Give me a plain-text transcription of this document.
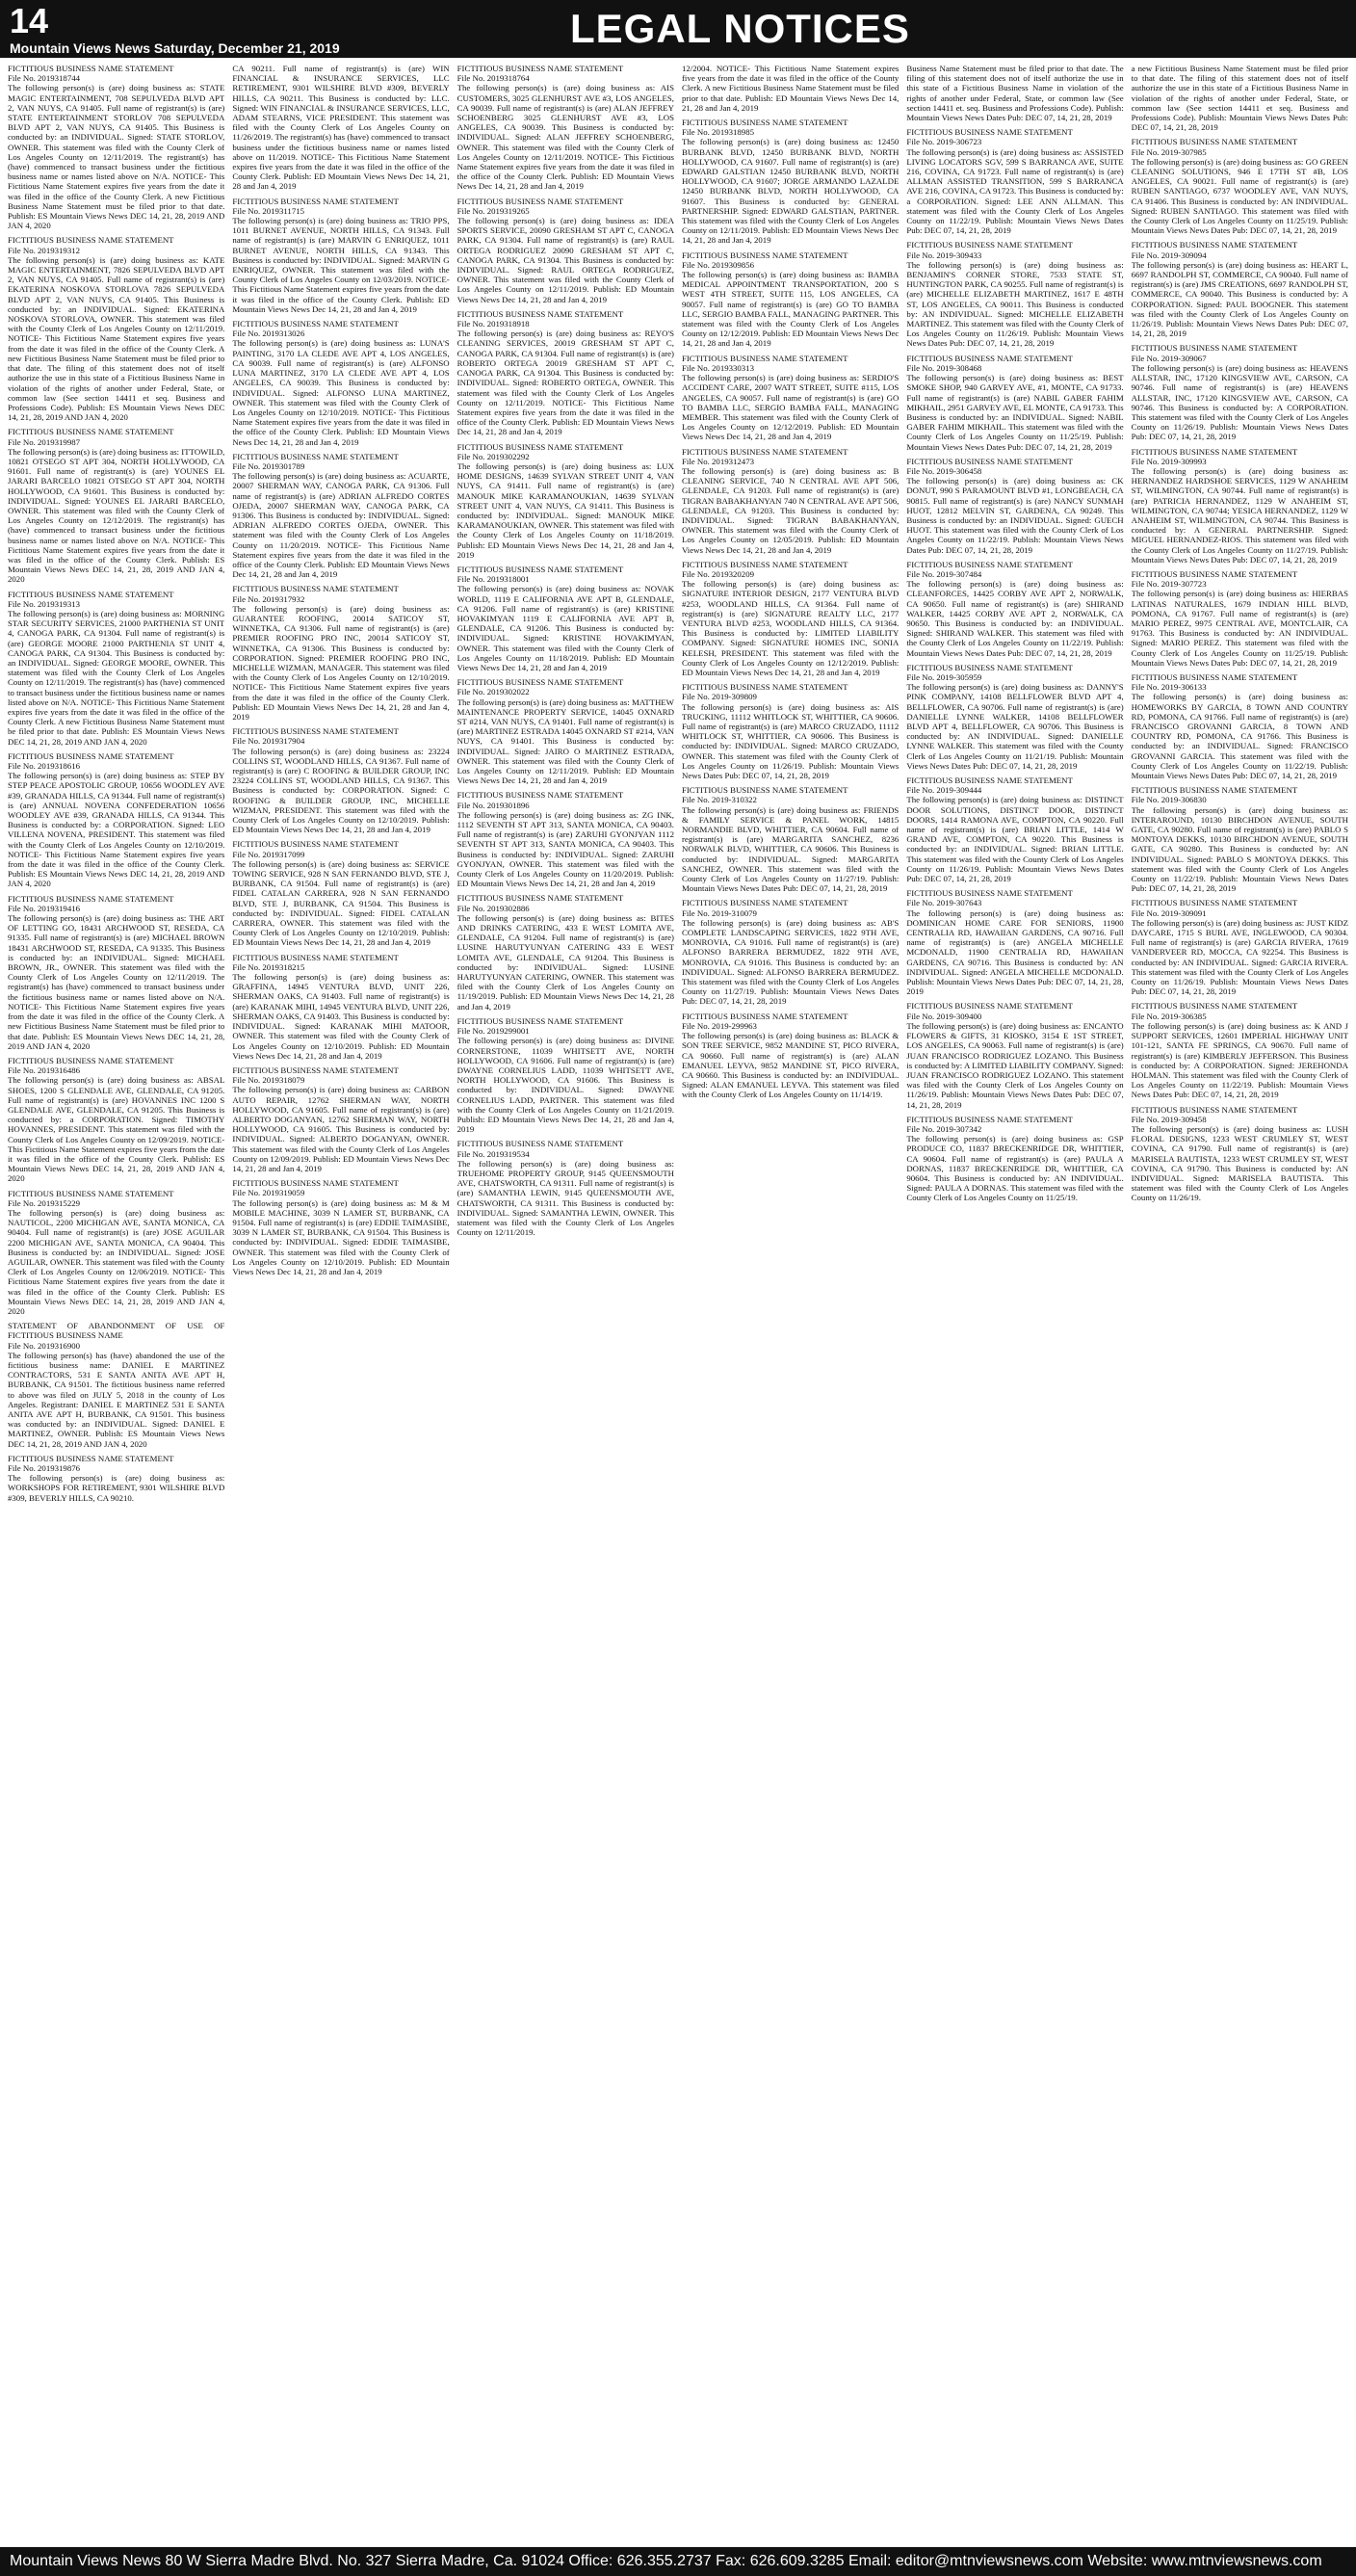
14	LEGAL NOTICES
Mountain Views News Saturday, December 21, 2019
FICTITIOUS BUSINESS NAME STATEMENT
File No. 2019318744

The following person(s) is (are) doing business as: STATE MAGIC ENTERTAINMENT, 708 SEPULVEDA BLVD APT 2, VAN NUYS, CA 91405. Full name of registrant(s) is (are) STATE ENTERTAINMENT STORLOV 708 SEPULVEDA BLVD APT 2, VAN NUYS, CA 91405. This Business is conducted by: an INDIVIDUAL. Signed: STATE STORLOV, OWNER. This statement was filed with the County Clerk of Los Angeles County on 12/11/2019. The registrant(s) has (have) commenced to transact business under the fictitious business name or names listed above on N/A. NOTICE- This Fictitious Name Statement expires five years from the date it was filed in the office of the County Clerk. A new Fictitious Business Name Statement must be filed prior to that date. Publish: ES Mountain Views News DEC 14, 21, 28, 2019 AND JAN 4, 2020

FICTITIOUS BUSINESS NAME STATEMENT
File No. 2019319312

The following person(s) is (are) doing business as: KATE MAGIC ENTERTAINMENT, 7826 SEPULVEDA BLVD APT 2, VAN NUYS, CA 91405. Full name of registrant(s) is (are) EKATERINA NOSKOVA STORLOVA 7826 SEPULVEDA BLVD APT 2, VAN NUYS, CA 91405. This Business is conducted by: an INDIVIDUAL. Signed: EKATERINA NOSKOVA STORLOVA, OWNER. This statement was filed with the County Clerk of Los Angeles County on 12/11/2019. NOTICE- This Fictitious Name Statement expires five years from the date it was filed in the office of the County Clerk. A new Fictitious Business Name Statement must be filed prior to that date. The filing of this statement does not of itself authorize the use in this state of a Fictitious Business Name in violation of the rights of another under Federal, State, or common law (See section 14411 et seq. Business and Professions Code). Publish: ES Mountain Views News DEC 14, 21, 28, 2019 AND JAN 4, 2020

FICTITIOUS BUSINESS NAME STATEMENT
File No. 2019319987

The following person(s) is (are) doing business as: ITTOWILD, 10821 OTSEGO ST APT 304, NORTH HOLLYWOOD, CA 91601. Full name of registrant(s) is (are) YOUNES EL JARARI BARCELO 10821 OTSEGO ST APT 304, NORTH HOLLYWOOD, CA 91601. This Business is conducted by: INDIVIDUAL. Signed: YOUNES EL JARARI BARCELO, OWNER. This statement was filed with the County Clerk of Los Angeles County on 12/12/2019. The registrant(s) has (have) commenced to transact business under the fictitious business name or names listed above on N/A. NOTICE- This Fictitious Name Statement expires five years from the date it was filed in the office of the County Clerk. Publish: ES Mountain Views News DEC 14, 21, 28, 2019 AND JAN 4, 2020

FICTITIOUS BUSINESS NAME STATEMENT
File No. 2019319313

The following person(s) is (are) doing business as: MORNING STAR SECURITY SERVICES, 21000 PARTHENIA ST UNIT 4, CANOGA PARK, CA 91304. Full name of registrant(s) is (are) GEORGE MOORE 21000 PARTHENIA ST UNIT 4, CANOGA PARK, CA 91304. This Business is conducted by: an INDIVIDUAL. Signed: GEORGE MOORE, OWNER. This statement was filed with the County Clerk of Los Angeles County on 12/11/2019. The registrant(s) has (have) commenced to transact business under the fictitious business name or names listed above on N/A. NOTICE- This Fictitious Name Statement expires five years from the date it was filed in the office of the County Clerk. A new Fictitious Business Name Statement must be filed prior to that date. Publish: ES Mountain Views News DEC 14, 21, 28, 2019 AND JAN 4, 2020

FICTITIOUS BUSINESS NAME STATEMENT
File No. 2019318616

The following person(s) is (are) doing business as: STEP BY STEP PEACE APOSTOLIC GROUP, 10656 WOODLEY AVE #39, GRANADA HILLS, CA 91344. Full name of registrant(s) is (are) ANNUAL NOVENA CONFEDERATION 10656 WOODLEY AVE #39, GRANADA HILLS, CA 91344. This Business is conducted by: a CORPORATION. Signed: LEO VILLENA NOVENA, PRESIDENT. This statement was filed with the County Clerk of Los Angeles County on 12/10/2019. NOTICE- This Fictitious Name Statement expires five years from the date it was filed in the office of the County Clerk. Publish: ES Mountain Views News DEC 14, 21, 28, 2019 AND JAN 4, 2020

FICTITIOUS BUSINESS NAME STATEMENT
File No. 2019319416

The following person(s) is (are) doing business as: THE ART OF LETTING GO, 18431 ARCHWOOD ST, RESEDA, CA 91335. Full name of registrant(s) is (are) MICHAEL BROWN 18431 ARCHWOOD ST, RESEDA, CA 91335. This Business is conducted by: an INDIVIDUAL. Signed: MICHAEL BROWN, JR., OWNER. This statement was filed with the County Clerk of Los Angeles County on 12/11/2019. The registrant(s) has (have) commenced to transact business under the fictitious business name or names listed above on N/A. NOTICE- This Fictitious Name Statement expires five years from the date it was filed in the office of the County Clerk. A new Fictitious Business Name Statement must be filed prior to that date. Publish: ES Mountain Views News DEC 14, 21, 28, 2019 AND JAN 4, 2020

FICTITIOUS BUSINESS NAME STATEMENT
File No. 2019316486

The following person(s) is (are) doing business as: ABSAL SHOES, 1200 S GLENDALE AVE, GLENDALE, CA 91205. Full name of registrant(s) is (are) HOVANNES INC 1200 S GLENDALE AVE, GLENDALE, CA 91205. This Business is conducted by: a CORPORATION. Signed: TIMOTHY HOVANNES, PRESIDENT. This statement was filed with the County Clerk of Los Angeles County on 12/09/2019. NOTICE- This Fictitious Name Statement expires five years from the date it was filed in the office of the County Clerk. Publish: ES Mountain Views News DEC 14, 21, 28, 2019 AND JAN 4, 2020

FICTITIOUS BUSINESS NAME STATEMENT
File No. 2019315229

The following person(s) is (are) doing business as: NAUTICOL, 2200 MICHIGAN AVE, SANTA MONICA, CA 90404. Full name of registrant(s) is (are) JOSE AGUILAR 2200 MICHIGAN AVE, SANTA MONICA, CA 90404. This Business is conducted by: an INDIVIDUAL. Signed: JOSE AGUILAR, OWNER. This statement was filed with the County Clerk of Los Angeles County on 12/06/2019. NOTICE- This Fictitious Name Statement expires five years from the date it was filed in the office of the County Clerk. Publish: ES Mountain Views News DEC 14, 21, 28, 2019 AND JAN 4, 2020

STATEMENT OF ABANDONMENT OF USE OF FICTITIOUS BUSINESS NAME
File No. 2019316900

The following person(s) has (have) abandoned the use of the fictitious business name: DANIEL E MARTINEZ CONTRACTORS, 531 E SANTA ANITA AVE APT H, BURBANK, CA 91501. The fictitious business name referred to above was filed on JULY 5, 2018 in the county of Los Angeles. Registrant: DANIEL E MARTINEZ 531 E SANTA ANITA AVE APT H, BURBANK, CA 91501. This business was conducted by: an INDIVIDUAL. Signed: DANIEL E MARTINEZ, OWNER. Publish: ES Mountain Views News DEC 14, 21, 28, 2019 AND JAN 4, 2020

FICTITIOUS BUSINESS NAME STATEMENT
File No. 2019319876

The following person(s) is (are) doing business as: WORKSHOPS FOR RETIREMENT, 9301 WILSHIRE BLVD #309, BEVERLY HILLS, CA 90210.

CA 90211. Full name of registrant(s) is (are) WIN FINANCIAL & INSURANCE SERVICES, LLC RETIREMENT, 9301 WILSHIRE BLVD #309, BEVERLY HILLS, CA 90211. This Business is conducted by: LLC. Signed: WIN FINANCIAL & INSURANCE SERVICES, LLC, ADAM STEARNS, VICE PRESIDENT. This statement was filed with the County Clerk of Los Angeles County on 11/26/2019. The registrant(s) has (have) commenced to transact business under the fictitious business name or names listed above on 11/2019. NOTICE- This Fictitious Name Statement expires five years from the date it was filed in the office of the County Clerk. Publish: ED Mountain Views News Dec 14, 21, 28 and Jan 4, 2019

FICTITIOUS BUSINESS NAME STATEMENT
File No. 2019311715

The following person(s) is (are) doing business as: TRIO PPS, 1011 BURNET AVENUE, NORTH HILLS, CA 91343. Full name of registrant(s) is (are) MARVIN G ENRIQUEZ, 1011 BURNET AVENUE, NORTH HILLS, CA 91343. This Business is conducted by: INDIVIDUAL. Signed: MARVIN G ENRIQUEZ, OWNER. This statement was filed with the County Clerk of Los Angeles County on 12/03/2019. NOTICE- This Fictitious Name Statement expires five years from the date it was filed in the office of the County Clerk. Publish: ED Mountain Views News Dec 14, 21, 28 and Jan 4, 2019

FICTITIOUS BUSINESS NAME STATEMENT
File No. 2019313026

The following person(s) is (are) doing business as: LUNA'S PAINTING, 3170 LA CLEDE AVE APT 4, LOS ANGELES, CA 90039. Full name of registrant(s) is (are) ALFONSO LUNA MARTINEZ, 3170 LA CLEDE AVE APT 4, LOS ANGELES, CA 90039. This Business is conducted by: INDIVIDUAL. Signed: ALFONSO LUNA MARTINEZ, OWNER. This statement was filed with the County Clerk of Los Angeles County on 12/10/2019. NOTICE- This Fictitious Name Statement expires five years from the date it was filed in the office of the County Clerk. Publish: ED Mountain Views News Dec 14, 21, 28 and Jan 4, 2019

FICTITIOUS BUSINESS NAME STATEMENT
File No. 2019301789

The following person(s) is (are) doing business as: ACUARTE, 20007 SHERMAN WAY, CANOGA PARK, CA 91306. Full name of registrant(s) is (are) ADRIAN ALFREDO CORTES OJEDA, 20007 SHERMAN WAY, CANOGA PARK, CA 91306. This Business is conducted by: INDIVIDUAL. Signed: ADRIAN ALFREDO CORTES OJEDA, OWNER. This statement was filed with the County Clerk of Los Angeles County on 11/20/2019. NOTICE- This Fictitious Name Statement expires five years from the date it was filed in the office of the County Clerk. Publish: ED Mountain Views News Dec 14, 21, 28 and Jan 4, 2019

FICTITIOUS BUSINESS NAME STATEMENT
File No. 2019317932

The following person(s) is (are) doing business as: GUARANTEE ROOFING, 20014 SATICOY ST, WINNETKA, CA 91306. Full name of registrant(s) is (are) PREMIER ROOFING PRO INC, 20014 SATICOY ST, WINNETKA, CA 91306. This Business is conducted by: CORPORATION. Signed: PREMIER ROOFING PRO INC, MICHELLE WIZMAN, MANAGER. This statement was filed with the County Clerk of Los Angeles County on 12/10/2019. NOTICE- This Fictitious Name Statement expires five years from the date it was filed in the office of the County Clerk. Publish: ED Mountain Views News Dec 14, 21, 28 and Jan 4, 2019

FICTITIOUS BUSINESS NAME STATEMENT
File No. 2019317904

The following person(s) is (are) doing business as: 23224 COLLINS ST, WOODLAND HILLS, CA 91367. Full name of registrant(s) is (are) C ROOFING & BUILDER GROUP, INC 23224 COLLINS ST, WOODLAND HILLS, CA 91367. This Business is conducted by: CORPORATION. Signed: C ROOFING & BUILDER GROUP, INC, MICHELLE WIZMAN, PRESIDENT. This statement was filed with the County Clerk of Los Angeles County on 12/10/2019. Publish: ED Mountain Views News Dec 14, 21, 28 and Jan 4, 2019

FICTITIOUS BUSINESS NAME STATEMENT
File No. 2019317099

The following person(s) is (are) doing business as: SERVICE TOWING SERVICE, 928 N SAN FERNANDO BLVD, STE J, BURBANK, CA 91504. Full name of registrant(s) is (are) FIDEL CATALAN CARRERA, 928 N SAN FERNANDO BLVD, STE J, BURBANK, CA 91504. This Business is conducted by: INDIVIDUAL. Signed: FIDEL CATALAN CARRERA, OWNER. This statement was filed with the County Clerk of Los Angeles County on 12/10/2019. Publish: ED Mountain Views News Dec 14, 21, 28 and Jan 4, 2019

FICTITIOUS BUSINESS NAME STATEMENT
File No. 2019318215

The following person(s) is (are) doing business as: GRAFFINA, 14945 VENTURA BLVD, UNIT 226, SHERMAN OAKS, CA 91403. Full name of registrant(s) is (are) KARANAK MIHI, 14945 VENTURA BLVD, UNIT 226, SHERMAN OAKS, CA 91403. This Business is conducted by: INDIVIDUAL. Signed: KARANAK MIHI MATOOR, OWNER. This statement was filed with the County Clerk of Los Angeles County on 12/10/2019. Publish: ED Mountain Views News Dec 14, 21, 28 and Jan 4, 2019

FICTITIOUS BUSINESS NAME STATEMENT
File No. 2019318079

The following person(s) is (are) doing business as: CARBON AUTO REPAIR, 12762 SHERMAN WAY, NORTH HOLLYWOOD, CA 91605. Full name of registrant(s) is (are) ALBERTO DOGANYAN, 12762 SHERMAN WAY, NORTH HOLLYWOOD, CA 91605. This Business is conducted by: INDIVIDUAL. Signed: ALBERTO DOGANYAN, OWNER. This statement was filed with the County Clerk of Los Angeles County on 12/09/2019. Publish: ED Mountain Views News Dec 14, 21, 28 and Jan 4, 2019

FICTITIOUS BUSINESS NAME STATEMENT
File No. 2019319059

The following person(s) is (are) doing business as: M & M MOBILE MACHINE, 3039 N LAMER ST, BURBANK, CA 91504. Full name of registrant(s) is (are) EDDIE TAIMASIBE, 3039 N LAMER ST, BURBANK, CA 91504. This Business is conducted by: INDIVIDUAL. Signed: EDDIE TAIMASIBE, OWNER. This statement was filed with the County Clerk of Los Angeles County on 12/10/2019. Publish: ED Mountain Views News Dec 14, 21, 28 and Jan 4, 2019

FICTITIOUS BUSINESS NAME STATEMENT
File No. 2019318764

The following person(s) is (are) doing business as: AIS CUSTOMERS, 3025 GLENHURST AVE #3, LOS ANGELES, CA 90039. Full name of registrant(s) is (are) ALAN JEFFREY SCHOENBERG 3025 GLENHURST AVE #3, LOS ANGELES, CA 90039. This Business is conducted by: INDIVIDUAL. Signed: ALAN JEFFREY SCHOENBERG, OWNER. This statement was filed with the County Clerk of Los Angeles County on 12/11/2019. NOTICE- This Fictitious Name Statement expires five years from the date it was filed in the office of the County Clerk. Publish: ED Mountain Views News Dec 14, 21, 28 and Jan 4, 2019

FICTITIOUS BUSINESS NAME STATEMENT
File No. 2019319265

The following person(s) is (are) doing business as: IDEA SPORTS SERVICE, 20090 GRESHAM ST APT C, CANOGA PARK, CA 91304. Full name of registrant(s) is (are) RAUL ORTEGA RODRIGUEZ 20090 GRESHAM ST APT C, CANOGA PARK, CA 91304. This Business is conducted by: INDIVIDUAL. Signed: RAUL ORTEGA RODRIGUEZ, OWNER. This statement was filed with the County Clerk of Los Angeles County on 12/11/2019. Publish: ED Mountain Views News Dec 14, 21, 28 and Jan 4, 2019

FICTITIOUS BUSINESS NAME STATEMENT
File No. 2019318918

The following person(s) is (are) doing business as: REYO'S CLEANING SERVICES, 20019 GRESHAM ST APT C, CANOGA PARK, CA 91304. Full name of registrant(s) is (are) ROBERTO ORTEGA 20019 GRESHAM ST APT C, CANOGA PARK, CA 91304. This Business is conducted by: INDIVIDUAL. Signed: ROBERTO ORTEGA, OWNER. This statement was filed with the County Clerk of Los Angeles County on 12/11/2019. NOTICE- This Fictitious Name Statement expires five years from the date it was filed in the office of the County Clerk. Publish: ED Mountain Views News Dec 14, 21, 28 and Jan 4, 2019

FICTITIOUS BUSINESS NAME STATEMENT
File No. 2019302292

The following person(s) is (are) doing business as: LUX HOME DESIGNS, 14639 SYLVAN STREET UNIT 4, VAN NUYS, CA 91411. Full name of registrant(s) is (are) MANOUK MIKE KARAMANOUKIAN, 14639 SYLVAN STREET UNIT 4, VAN NUYS, CA 91411. This Business is conducted by: INDIVIDUAL. Signed: MANOUK MIKE KARAMANOUKIAN, OWNER. This statement was filed with the County Clerk of Los Angeles County on 11/18/2019. Publish: ED Mountain Views News Dec 14, 21, 28 and Jan 4, 2019

FICTITIOUS BUSINESS NAME STATEMENT
File No. 2019318001

The following person(s) is (are) doing business as: NOVAK WORLD, 1119 E CALIFORNIA AVE APT B, GLENDALE, CA 91206. Full name of registrant(s) is (are) KRISTINE HOVAKIMYAN 1119 E CALIFORNIA AVE APT B, GLENDALE, CA 91206. This Business is conducted by: INDIVIDUAL. Signed: KRISTINE HOVAKIMYAN, OWNER. This statement was filed with the County Clerk of Los Angeles County on 11/18/2019. Publish: ED Mountain Views News Dec 14, 21, 28 and Jan 4, 2019

FICTITIOUS BUSINESS NAME STATEMENT
File No. 2019302022

The following person(s) is (are) doing business as: MATTHEW MAINTENANCE PROPERTY SERVICE, 14045 OXNARD ST #214, VAN NUYS, CA 91401. Full name of registrant(s) is (are) MARTINEZ ESTRADA 14045 OXNARD ST #214, VAN NUYS, CA 91401. This Business is conducted by: INDIVIDUAL. Signed: JAIRO O MARTINEZ ESTRADA, OWNER. This statement was filed with the County Clerk of Los Angeles County on 12/11/2019. Publish: ED Mountain Views News Dec 14, 21, 28 and Jan 4, 2019

FICTITIOUS BUSINESS NAME STATEMENT
File No. 2019301896

The following person(s) is (are) doing business as: ZG INK, 1112 SEVENTH ST APT 313, SANTA MONICA, CA 90403. Full name of registrant(s) is (are) ZARUHI GYONJYAN 1112 SEVENTH ST APT 313, SANTA MONICA, CA 90403. This Business is conducted by: INDIVIDUAL. Signed: ZARUHI GYONJYAN, OWNER. This statement was filed with the County Clerk of Los Angeles County on 11/20/2019. Publish: ED Mountain Views News Dec 14, 21, 28 and Jan 4, 2019

FICTITIOUS BUSINESS NAME STATEMENT
File No. 2019302886

The following person(s) is (are) doing business as: BITES AND DRINKS CATERING, 433 E WEST LOMITA AVE, GLENDALE, CA 91204. Full name of registrant(s) is (are) LUSINE HARUTYUNYAN CATERING 433 E WEST LOMITA AVE, GLENDALE, CA 91204. This Business is conducted by: INDIVIDUAL. Signed: LUSINE HARUTYUNYAN CATERING, OWNER. This statement was filed with the County Clerk of Los Angeles County on 11/19/2019. Publish: ED Mountain Views News Dec 14, 21, 28 and Jan 4, 2019

FICTITIOUS BUSINESS NAME STATEMENT
File No. 2019299001

The following person(s) is (are) doing business as: DIVINE CORNERSTONE, 11039 WHITSETT AVE, NORTH HOLLYWOOD, CA 91606. Full name of registrant(s) is (are) DWAYNE CORNELIUS LADD, 11039 WHITSETT AVE, NORTH HOLLYWOOD, CA 91606. This Business is conducted by: INDIVIDUAL. Signed: DWAYNE CORNELIUS LADD, PARTNER. This statement was filed with the County Clerk of Los Angeles County on 11/21/2019. Publish: ED Mountain Views News Dec 14, 21, 28 and Jan 4, 2019

FICTITIOUS BUSINESS NAME STATEMENT
File No. 2019319534

The following person(s) is (are) doing business as: TRUEHOME PROPERTY GROUP, 9145 QUEENSMOUTH AVE, CHATSWORTH, CA 91311. Full name of registrant(s) is (are) SAMANTHA LEWIN, 9145 QUEENSMOUTH AVE, CHATSWORTH, CA 91311. This Business is conducted by: INDIVIDUAL. Signed: SAMANTHA LEWIN, OWNER. This statement was filed with the County Clerk of Los Angeles County on 12/11/2019.

12/2004. NOTICE- This Fictitious Name Statement expires five years from the date it was filed in the office of the County Clerk. A new Fictitious Business Name Statement must be filed prior to that date. Publish: ED Mountain Views News Dec 14, 21, 28 and Jan 4, 2019

FICTITIOUS BUSINESS NAME STATEMENT
File No. 2019318985

The following person(s) is (are) doing business as: 12450 BURBANK BLVD, 12450 BURBANK BLVD, NORTH HOLLYWOOD, CA 91607. Full name of registrant(s) is (are) EDWARD GALSTIAN 12450 BURBANK BLVD, NORTH HOLLYWOOD, CA 91607; JORGE ARMANDO LAZALDE 12450 BURBANK BLVD, NORTH HOLLYWOOD, CA 91607. This Business is conducted by: GENERAL PARTNERSHIP. Signed: EDWARD GALSTIAN, PARTNER. This statement was filed with the County Clerk of Los Angeles County on 12/11/2019. Publish: ED Mountain Views News Dec 14, 21, 28 and Jan 4, 2019

FICTITIOUS BUSINESS NAME STATEMENT
File No. 2019309856

The following person(s) is (are) doing business as: BAMBA MEDICAL APPOINTMENT TRANSPORTATION, 200 S WEST 4TH STREET, SUITE 115, LOS ANGELES, CA 90057. Full name of registrant(s) is (are) GO TO BAMBA LLC, SERGIO BAMBA FALL, MANAGING PARTNER. This statement was filed with the County Clerk of Los Angeles County on 12/12/2019. Publish: ED Mountain Views News Dec 14, 21, 28 and Jan 4, 2019

FICTITIOUS BUSINESS NAME STATEMENT
File No. 2019330313

The following person(s) is (are) doing business as: SERDIO'S ACCIDENT CARE, 2007 WATT STREET, SUITE #115, LOS ANGELES, CA 90057. Full name of registrant(s) is (are) GO TO BAMBA LLC, SERGIO BAMBA FALL, MANAGING MEMBER. This statement was filed with the County Clerk of Los Angeles County on 12/12/2019. Publish: ED Mountain Views News Dec 14, 21, 28 and Jan 4, 2019

FICTITIOUS BUSINESS NAME STATEMENT
File No. 2019312473

The following person(s) is (are) doing business as: B CLEANING SERVICE, 740 N CENTRAL AVE APT 506, GLENDALE, CA 91203. Full name of registrant(s) is (are) TIGRAN BABAKHANYAN 740 N CENTRAL AVE APT 506, GLENDALE, CA 91203. This Business is conducted by: INDIVIDUAL. Signed: TIGRAN BABAKHANYAN, OWNER. This statement was filed with the County Clerk of Los Angeles County on 12/05/2019. Publish: ED Mountain Views News Dec 14, 21, 28 and Jan 4, 2019

FICTITIOUS BUSINESS NAME STATEMENT
File No. 2019320209

The following person(s) is (are) doing business as: SIGNATURE INTERIOR DESIGN, 2177 VENTURA BLVD #253, WOODLAND HILLS, CA 91364. Full name of registrant(s) is (are) SIGNATURE REALTY LLC, 2177 VENTURA BLVD #253, WOODLAND HILLS, CA 91364. This Business is conducted by: LIMITED LIABILITY COMPANY. Signed: SIGNATURE HOMES INC, SONIA KELESH, PRESIDENT. This statement was filed with the County Clerk of Los Angeles County on 12/12/2019. Publish: ED Mountain Views News Dec 14, 21, 28 and Jan 4, 2019

FICTITIOUS BUSINESS NAME STATEMENT
File No. 2019-309809

The following person(s) is (are) doing business as: AIS TRUCKING, 11112 WHITLOCK ST, WHITTIER, CA 90606. Full name of registrant(s) is (are) MARCO CRUZADO, 11112 WHITLOCK ST, WHITTIER, CA 90606. This Business is conducted by: INDIVIDUAL. Signed: MARCO CRUZADO, OWNER. This statement was filed with the County Clerk of Los Angeles County on 11/26/19. Publish: Mountain Views News Dates Pub: DEC 07, 14, 21, 28, 2019

FICTITIOUS BUSINESS NAME STATEMENT
File No. 2019-310322

The following person(s) is (are) doing business as: FRIENDS & FAMILY SERVICE & PANEL WORK, 14815 NORMANDIE BLVD, WHITTIER, CA 90604. Full name of registrant(s) is (are) MARGARITA SANCHEZ, 8236 NORWALK BLVD, WHITTIER, CA 90606. This Business is conducted by: INDIVIDUAL. Signed: MARGARITA SANCHEZ, OWNER. This statement was filed with the County Clerk of Los Angeles County on 11/27/19. Publish: Mountain Views News Dates Pub: DEC 07, 14, 21, 28, 2019

FICTITIOUS BUSINESS NAME STATEMENT
File No. 2019-310079

The following person(s) is (are) doing business as: AB'S COMPLETE LANDSCAPING SERVICES, 1822 9TH AVE, MONROVIA, CA 91016. Full name of registrant(s) is (are) ALFONSO BARRERA BERMUDEZ, 1822 9TH AVE, MONROVIA, CA 91016. This Business is conducted by: an INDIVIDUAL. Signed: ALFONSO BARRERA BERMUDEZ. This statement was filed with the County Clerk of Los Angeles County on 11/27/19. Publish: Mountain Views News Dates Pub: DEC 07, 14, 21, 28, 2019

FICTITIOUS BUSINESS NAME STATEMENT
File No. 2019-299963

The following person(s) is (are) doing business as: BLACK & SON TREE SERVICE, 9852 MANDINE ST, PICO RIVERA, CA 90660. Full name of registrant(s) is (are) ALAN EMANUEL LEYVA, 9852 MANDINE ST, PICO RIVERA, CA 90660. This Business is conducted by: an INDIVIDUAL. Signed: ALAN EMANUEL LEYVA. This statement was filed with the County Clerk of Los Angeles County on 11/14/19.

Business Name Statement must be filed prior to that date. The filing of this statement does not of itself authorize the use in this state of a Fictitious Business Name in violation of the rights of another under Federal, State, or common law (See section 14411 et. seq. Business and Professions Code). Publish: Mountain Views News Dates Pub: DEC 07, 14, 21, 28, 2019

FICTITIOUS BUSINESS NAME STATEMENT
File No. 2019-306723

The following person(s) is (are) doing business as: ASSISTED LIVING LOCATORS SGV, 599 S BARRANCA AVE, SUITE 216, COVINA, CA 91723. Full name of registrant(s) is (are) ALLMAN ASSISTED TRANSITION, 599 S BARRANCA AVE 216, COVINA, CA 91723. This Business is conducted by: a CORPORATION. Signed: LEE ANN ALLMAN. This statement was filed with the County Clerk of Los Angeles County on 11/22/19. Publish: Mountain Views News Dates Pub: DEC 07, 14, 21, 28, 2019

FICTITIOUS BUSINESS NAME STATEMENT
File No. 2019-309433

The following person(s) is (are) doing business as: BENJAMIN'S CORNER STORE, 7533 STATE ST, HUNTINGTON PARK, CA 90255. Full name of registrant(s) is (are) MICHELLE ELIZABETH MARTINEZ, 1617 E 48TH ST, LOS ANGELES, CA 90011. This Business is conducted by: AN INDIVIDUAL. Signed: MICHELLE ELIZABETH MARTINEZ. This statement was filed with the County Clerk of Los Angeles County on 11/26/19. Publish: Mountain Views News Dates Pub: DEC 07, 14, 21, 28, 2019

FICTITIOUS BUSINESS NAME STATEMENT
File No. 2019-308468

The following person(s) is (are) doing business as: BEST SMOKE SHOP, 940 GARVEY AVE, #1, MONTE, CA 91733. Full name of registrant(s) is (are) NABIL GABER FAHIM MIKHAIL, 2951 GARVEY AVE, EL MONTE, CA 91733. This Business is conducted by: an INDIVIDUAL. Signed: NABIL GABER FAHIM MIKHAIL. This statement was filed with the County Clerk of Los Angeles County on 11/25/19. Publish: Mountain Views News Dates Pub: DEC 07, 14, 21, 28, 2019

FICTITIOUS BUSINESS NAME STATEMENT
File No. 2019-306458

The following person(s) is (are) doing business as: CK DONUT, 990 S PARAMOUNT BLVD #1, LONGBEACH, CA 90815. Full name of registrant(s) is (are) NANCY SUNMAH HUOT, 12812 MELVIN ST, GARDENA, CA 90249. This Business is conducted by: an INDIVIDUAL. Signed: GUECH HUOT. This statement was filed with the County Clerk of Los Angeles County on 11/22/19. Publish: Mountain Views News Dates Pub: DEC 07, 14, 21, 28, 2019

FICTITIOUS BUSINESS NAME STATEMENT
File No. 2019-307484

The following person(s) is (are) doing business as: CLEANFORCES, 14425 CORBY AVE APT 2, NORWALK, CA 90650. Full name of registrant(s) is (are) SHIRAND WALKER, 14425 CORBY AVE APT 2, NORWALK, CA 90650. This Business is conducted by: an INDIVIDUAL. Signed: SHIRAND WALKER. This statement was filed with the County Clerk of Los Angeles County on 11/22/19. Publish: Mountain Views News Dates Pub: DEC 07, 14, 21, 28, 2019

FICTITIOUS BUSINESS NAME STATEMENT
File No. 2019-305959

The following person(s) is (are) doing business as: DANNY'S PINK COMPANY, 14108 BELLFLOWER BLVD APT 4, BELLFLOWER, CA 90706. Full name of registrant(s) is (are) DANIELLE LYNNE WALKER, 14108 BELLFLOWER BLVD APT 4, BELLFLOWER, CA 90706. This Business is conducted by: AN INDIVIDUAL. Signed: DANIELLE LYNNE WALKER. This statement was filed with the County Clerk of Los Angeles County on 11/21/19. Publish: Mountain Views News Dates Pub: DEC 07, 14, 21, 28, 2019

FICTITIOUS BUSINESS NAME STATEMENT
File No. 2019-309444

The following person(s) is (are) doing business as: DISTINCT DOOR SOLUTIONS, DISTINCT DOOR, DISTINCT DOORS, 1414 RAMONA AVE, COMPTON, CA 90220. Full name of registrant(s) is (are) BRIAN LITTLE, 1414 W GRAND AVE, COMPTON, CA 90220. This Business is conducted by: an INDIVIDUAL. Signed: BRIAN LITTLE. This statement was filed with the County Clerk of Los Angeles County on 11/26/19. Publish: Mountain Views News Dates Pub: DEC 07, 14, 21, 28, 2019

FICTITIOUS BUSINESS NAME STATEMENT
File No. 2019-307643

The following person(s) is (are) doing business as: DOMINICAN HOME CARE FOR SENIORS, 11900 CENTRALIA RD, HAWAIIAN GARDENS, CA 90716. Full name of registrant(s) is (are) ANGELA MICHELLE MCDONALD, 11900 CENTRALIA RD, HAWAIIAN GARDENS, CA 90716. This Business is conducted by: AN INDIVIDUAL. Signed: ANGELA MICHELLE MCDONALD. Publish: Mountain Views News Dates Pub: DEC 07, 14, 21, 28, 2019

FICTITIOUS BUSINESS NAME STATEMENT
File No. 2019-309400

The following person(s) is (are) doing business as: ENCANTO FLOWERS & GIFTS, 31 KIOSKO, 3154 E 1ST STREET, LOS ANGELES, CA 90063. Full name of registrant(s) is (are) JUAN FRANCISCO RODRIGUEZ LOZANO. This Business is conducted by: A LIMITED LIABILITY COMPANY. Signed: JUAN FRANCISCO RODRIGUEZ LOZANO. This statement was filed with the County Clerk of Los Angeles County on 11/26/19. Publish: Mountain Views News Dates Pub: DEC 07, 14, 21, 28, 2019

FICTITIOUS BUSINESS NAME STATEMENT
File No. 2019-307342

The following person(s) is (are) doing business as: GSP PRODUCE CO, 11837 BRECKENRIDGE DR, WHITTIER, CA 90604. Full name of registrant(s) is (are) PAULA A DORNAS, 11837 BRECKENRIDGE DR, WHITTIER, CA 90604. This Business is conducted by: AN INDIVIDUAL. Signed: PAULA A DORNAS. This statement was filed with the County Clerk of Los Angeles County on 11/25/19.

a new Fictitious Business Name Statement must be filed prior to that date. The filing of this statement does not of itself authorize the use in this state of a Fictitious Business Name in violation of the rights of another under Federal, State, or common law (See section 14411 et seq. Business and Professions Code). Publish: Mountain Views News Dates Pub: DEC 07, 14, 21, 28, 2019

FICTITIOUS BUSINESS NAME STATEMENT
File No. 2019-307985

The following person(s) is (are) doing business as: GO GREEN CLEANING SOLUTIONS, 946 E 17TH ST #B, LOS ANGELES, CA 90021. Full name of registrant(s) is (are) RUBEN SANTIAGO, 6737 WOODLEY AVE, VAN NUYS, CA 91406. This Business is conducted by: AN INDIVIDUAL. Signed: RUBEN SANTIAGO. This statement was filed with the County Clerk of Los Angeles County on 11/25/19. Publish: Mountain Views News Dates Pub: DEC 07, 14, 21, 28, 2019

FICTITIOUS BUSINESS NAME STATEMENT
File No. 2019-309094

The following person(s) is (are) doing business as: HEART L, 6697 RANDOLPH ST, COMMERCE, CA 90040. Full name of registrant(s) is (are) JMS CREATIONS, 6697 RANDOLPH ST, COMMERCE, CA 90040. This Business is conducted by: A CORPORATION. Signed: PAUL BOOGNER. This statement was filed with the County Clerk of Los Angeles County on 11/26/19. Publish: Mountain Views News Dates Pub: DEC 07, 14, 21, 28, 2019

FICTITIOUS BUSINESS NAME STATEMENT
File No. 2019-309067

The following person(s) is (are) doing business as: HEAVENS ALLSTAR, INC, 17120 KINGSVIEW AVE, CARSON, CA 90746. Full name of registrant(s) is (are) HEAVENS ALLSTAR, INC, 17120 KINGSVIEW AVE, CARSON, CA 90746. This Business is conducted by: A CORPORATION. This statement was filed with the County Clerk of Los Angeles County on 11/26/19. Publish: Mountain Views News Dates Pub: DEC 07, 14, 21, 28, 2019

FICTITIOUS BUSINESS NAME STATEMENT
File No. 2019-309993

The following person(s) is (are) doing business as: HERNANDEZ HARDSHOE SERVICES, 1129 W ANAHEIM ST, WILMINGTON, CA 90744. Full name of registrant(s) is (are) PATRICIA HERNANDEZ, 1129 W ANAHEIM ST, WILMINGTON, CA 90744; YESICA HERNANDEZ, 1129 W ANAHEIM ST, WILMINGTON, CA 90744. This Business is conducted by: A GENERAL PARTNERSHIP. Signed: MIGUEL HERNANDEZ-RIOS. This statement was filed with the County Clerk of Los Angeles County on 11/27/19. Publish: Mountain Views News Dates Pub: DEC 07, 14, 21, 28, 2019

FICTITIOUS BUSINESS NAME STATEMENT
File No. 2019-307723

The following person(s) is (are) doing business as: HIERBAS LATINAS NATURALES, 1679 INDIAN HILL BLVD, POMONA, CA 91767. Full name of registrant(s) is (are) MARIO PEREZ, 9975 CENTRAL AVE, MONTCLAIR, CA 91763. This Business is conducted by: AN INDIVIDUAL. Signed: MARIO PEREZ. This statement was filed with the County Clerk of Los Angeles County on 11/25/19. Publish: Mountain Views News Dates Pub: DEC 07, 14, 21, 28, 2019

FICTITIOUS BUSINESS NAME STATEMENT
File No. 2019-306133

The following person(s) is (are) doing business as: HOMEWORKS BY GARCIA, 8 TOWN AND COUNTRY RD, POMONA, CA 91766. Full name of registrant(s) is (are) FRANCISCO GROVANNI GARCIA, 8 TOWN AND COUNTRY RD, POMONA, CA 91766. This Business is conducted by: an INDIVIDUAL. Signed: FRANCISCO GROVANNI GARCIA. This statement was filed with the County Clerk of Los Angeles County on 11/22/19. Publish: Mountain Views News Dates Pub: DEC 07, 14, 21, 28, 2019

FICTITIOUS BUSINESS NAME STATEMENT
File No. 2019-306830

The following person(s) is (are) doing business as: INTERAROUND, 10130 BIRCHDON AVENUE, SOUTH GATE, CA 90280. Full name of registrant(s) is (are) PABLO S MONTOYA DEKKS, 10130 BIRCHDON AVENUE, SOUTH GATE, CA 90280. This Business is conducted by: AN INDIVIDUAL. Signed: PABLO S MONTOYA DEKKS. This statement was filed with the County Clerk of Los Angeles County on 11/22/19. Publish: Mountain Views News Dates Pub: DEC 07, 14, 21, 28, 2019

FICTITIOUS BUSINESS NAME STATEMENT
File No. 2019-309091

The following person(s) is (are) doing business as: JUST KIDZ DAYCARE, 1715 S BURL AVE, INGLEWOOD, CA 90304. Full name of registrant(s) is (are) GARCIA RIVERA, 17619 VANDERVEER RD, MOCCA, CA 92254. This Business is conducted by: AN INDIVIDUAL. Signed: GARCIA RIVERA. This statement was filed with the County Clerk of Los Angeles County on 11/26/19. Publish: Mountain Views News Dates Pub: DEC 07, 14, 21, 28, 2019

FICTITIOUS BUSINESS NAME STATEMENT
File No. 2019-306385

The following person(s) is (are) doing business as: K AND J SUPPORT SERVICES, 12601 IMPERIAL HIGHWAY UNIT 101-121, SANTA FE SPRINGS, CA 90670. Full name of registrant(s) is (are) KIMBERLY JEFFERSON. This Business is conducted by: A CORPORATION. Signed: JEREHONDA HOLMAN. This statement was filed with the County Clerk of Los Angeles County on 11/22/19. Publish: Mountain Views News Dates Pub: DEC 07, 14, 21, 28, 2019

FICTITIOUS BUSINESS NAME STATEMENT
File No. 2019-309458

The following person(s) is (are) doing business as: LUSH FLORAL DESIGNS, 1233 WEST CRUMLEY ST, WEST COVINA, CA 91790. Full name of registrant(s) is (are) MARISELA BAUTISTA, 1233 WEST CRUMLEY ST, WEST COVINA, CA 91790. This Business is conducted by: AN INDIVIDUAL. Signed: MARISELA BAUTISTA. This statement was filed with the County Clerk of Los Angeles County on 11/26/19.

Mountain Views News 80 W Sierra Madre Blvd. No. 327 Sierra Madre, Ca. 91024 Office: 626.355.2737 Fax: 626.609.3285 Email: editor@mtnviewsnews.com Website: www.mtnviewsnews.com
